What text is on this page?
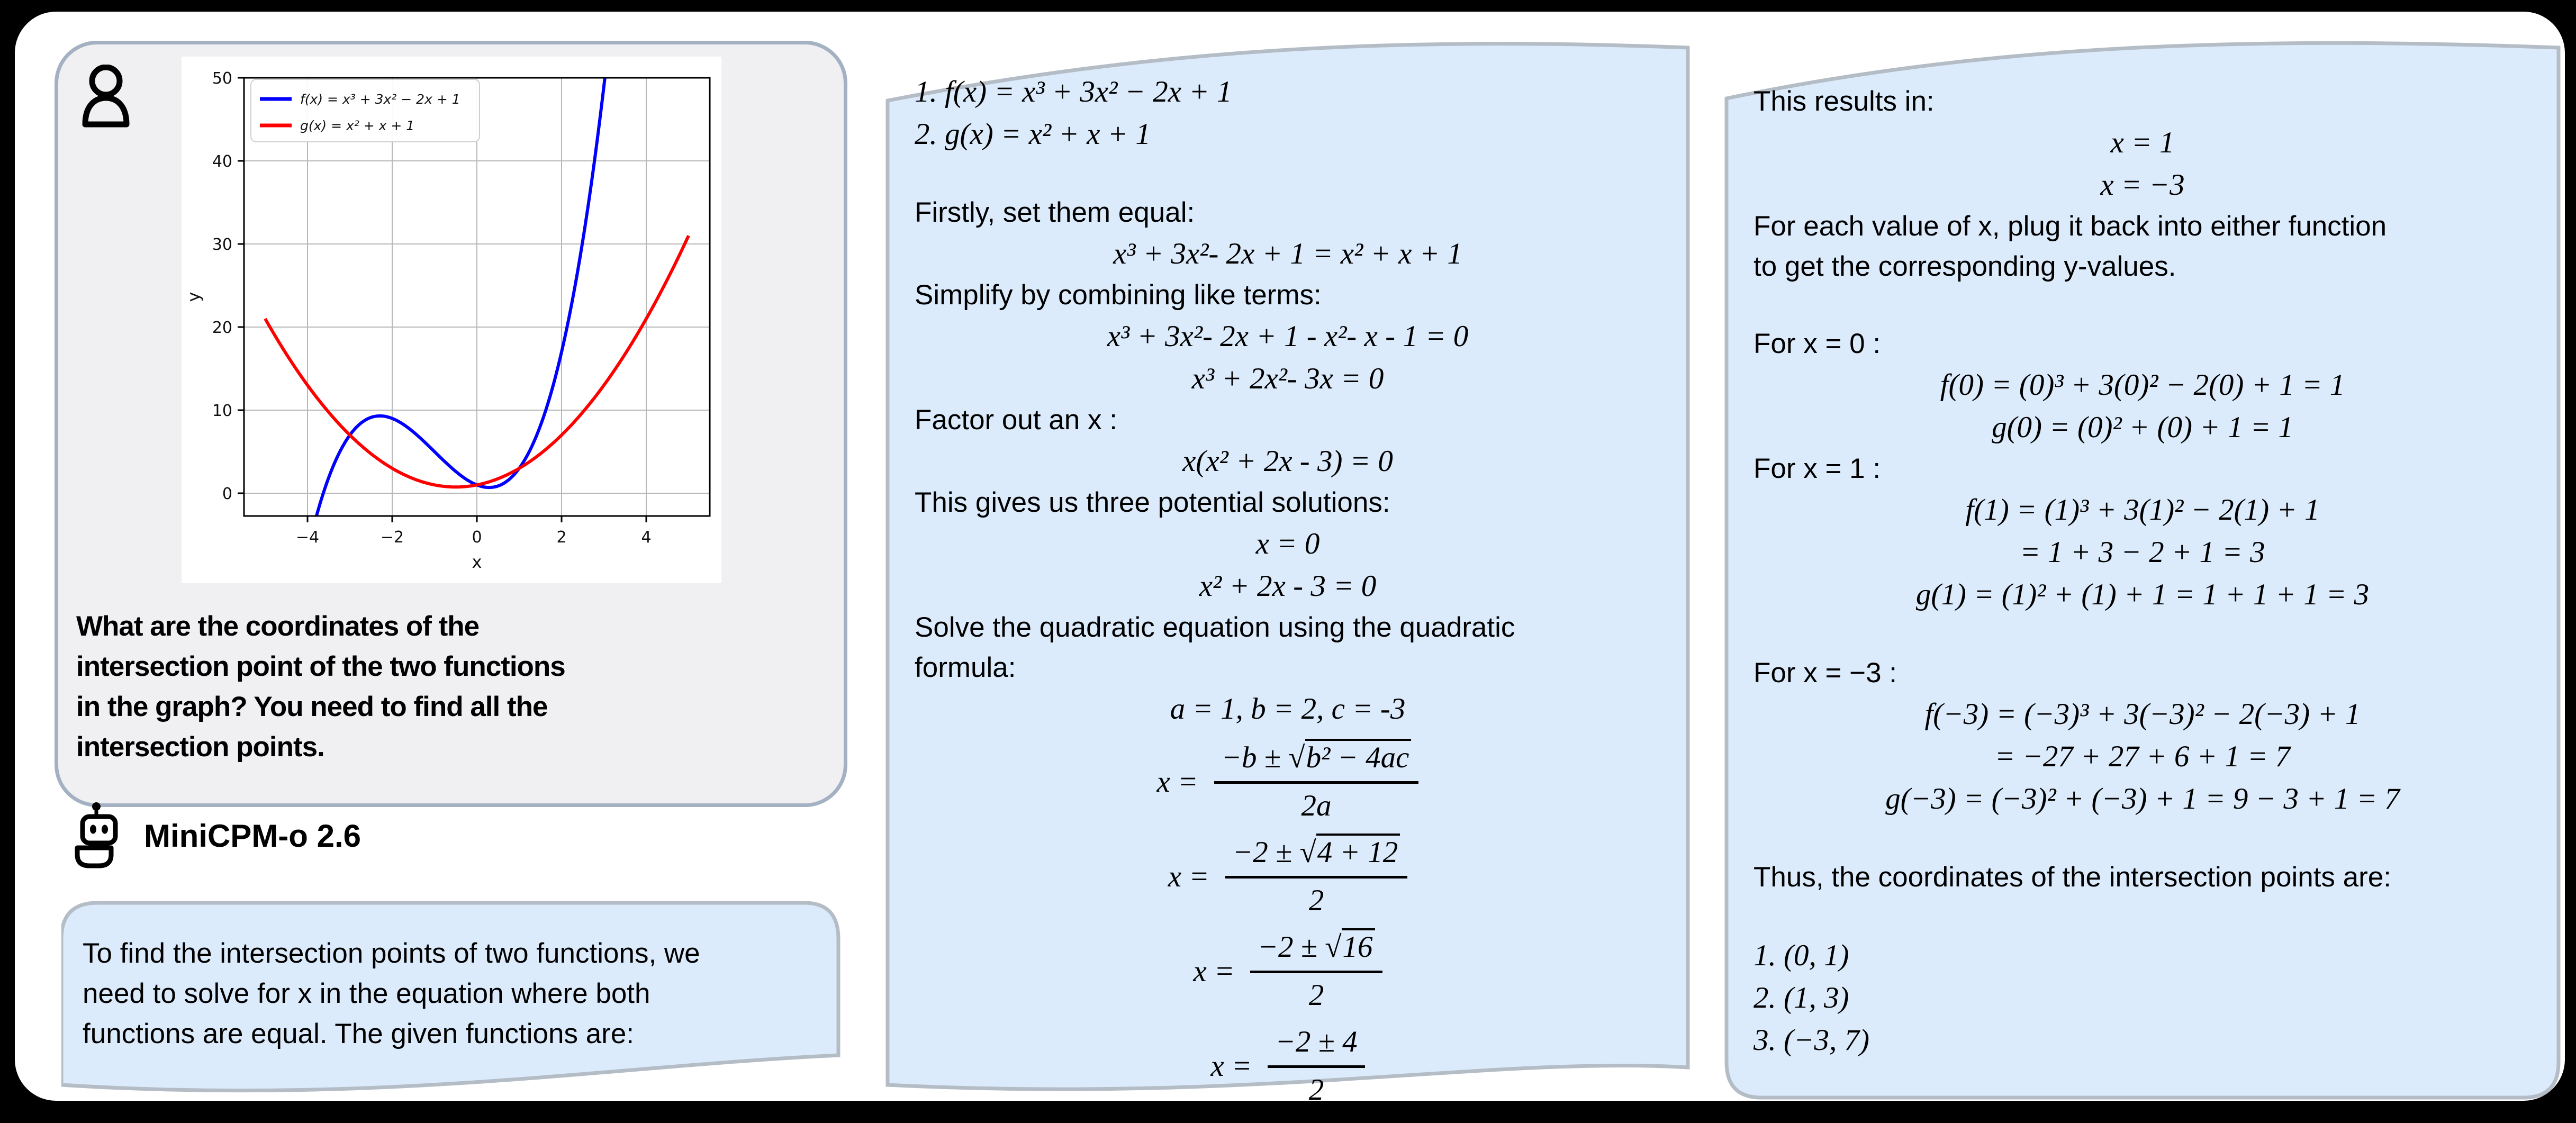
−4	−2	0	2	4
0
10
20
30
40
50
x
y
f(x) = x³ + 3x² − 2x + 1
g(x) = x² + x + 1
What are the coordinates of the
intersection point of the two functions
in the graph? You need to find all the
intersection points.
MiniCPM-o 2.6
To find the intersection points of two functions, we
need to solve for x in the equation where both
functions are equal. The given functions are:
1. f(x) = x³ + 3x² − 2x + 1
2. g(x) = x² + x + 1
Firstly, set them equal:
x³ + 3x²- 2x + 1 = x² + x + 1
Simplify by combining like terms:
x³ + 3x²- 2x + 1 - x²- x - 1 = 0
x³ + 2x²- 3x = 0
Factor out an x :
x(x² + 2x - 3) = 0
This gives us three potential solutions:
x = 0
x² + 2x - 3 = 0
Solve the quadratic equation using the quadratic
formula:
a = 1, b = 2, c = -3
$x = \frac{\text{−b ± √b² − 4ac}}{2a}$
$x = \frac{-2 \pm √4 + 12}{2}$
$x = \frac{-2 \pm √16}{2}$
$x = \frac{-2 \pm 4}{2}$
This results in:
x = 1
x = −3
For each value of x, plug it back into either function
to get the corresponding y-values.
For x = 0 :
f(0) = (0)³ + 3(0)² − 2(0) + 1 = 1
g(0) = (0)² + (0) + 1 = 1
For x = 1 :
f(1) = (1)³ + 3(1)² − 2(1) + 1
= 1 + 3 − 2 + 1 = 3
g(1) = (1)² + (1) + 1 = 1 + 1 + 1 = 3
For x = −3 :
f(−3) = (−3)³ + 3(−3)² − 2(−3) + 1
= −27 + 27 + 6 + 1 = 7
g(−3) = (−3)² + (−3) + 1 = 9 − 3 + 1 = 7
Thus, the coordinates of the intersection points are:
1. (0, 1)
2. (1, 3)
3. (−3, 7)
